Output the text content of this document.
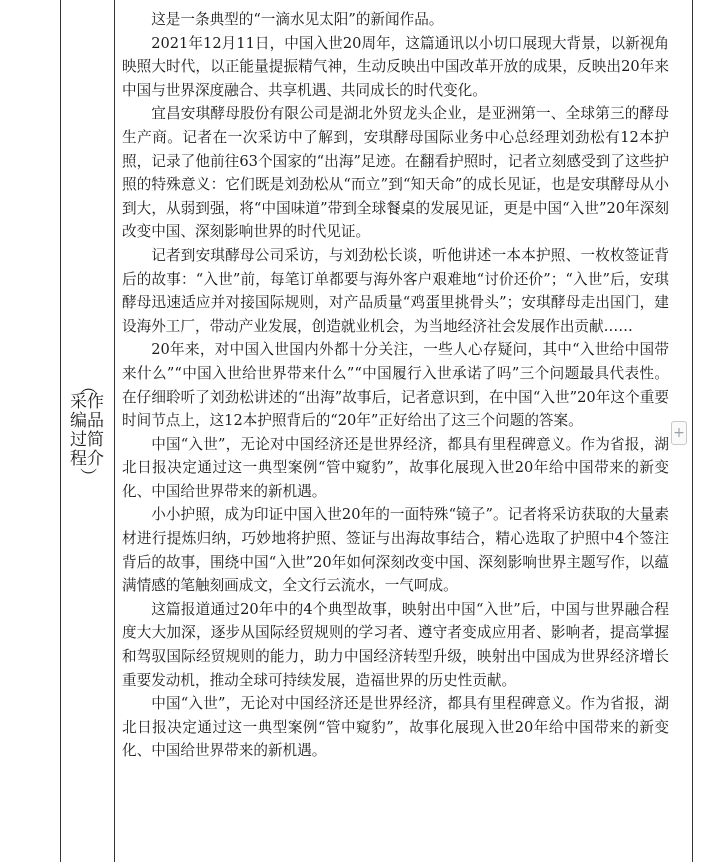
（
采作
编品
过简
程介
）

这是一条典型的“一滴水见太阳”的新闻作品。

2021年12月11日，中国入世20周年，这篇通讯以小切口展现大背景，以新视角映照大时代，以正能量提振精气神，生动反映出中国改革开放的成果，反映出20年来中国与世界深度融合、共享机遇、共同成长的时代变化。

宜昌安琪酵母股份有限公司是湖北外贸龙头企业，是亚洲第一、全球第三的酵母生产商。记者在一次采访中了解到，安琪酵母国际业务中心总经理刘劲松有12本护照，记录了他前往63个国家的“出海”足迹。在翻看护照时，记者立刻感受到了这些护照的特殊意义：它们既是刘劲松从“而立”到“知天命”的成长见证，也是安琪酵母从小到大，从弱到强，将“中国味道”带到全球餐桌的发展见证，更是中国“入世”20年深刻改变中国、深刻影响世界的时代见证。

记者到安琪酵母公司采访，与刘劲松长谈，听他讲述一本本护照、一枚枚签证背后的故事：“入世”前，每笔订单都要与海外客户艰难地“讨价还价”；“入世”后，安琪酵母迅速适应并对接国际规则，对产品质量“鸡蛋里挑骨头”；安琪酵母走出国门，建设海外工厂，带动产业发展，创造就业机会，为当地经济社会发展作出贡献……

20年来，对中国入世国内外都十分关注，一些人心存疑问，其中“入世给中国带来什么”“中国入世给世界带来什么”“中国履行入世承诺了吗”三个问题最具代表性。在仔细聆听了刘劲松讲述的“出海”故事后，记者意识到，在中国“入世”20年这个重要时间节点上，这12本护照背后的“20年”正好给出了这三个问题的答案。

中国“入世”，无论对中国经济还是世界经济，都具有里程碑意义。作为省报，湖北日报决定通过这一典型案例“管中窥豹”，故事化展现入世20年给中国带来的新变化、中国给世界带来的新机遇。

小小护照，成为印证中国入世20年的一面特殊“镜子”。记者将采访获取的大量素材进行提炼归纳，巧妙地将护照、签证与出海故事结合，精心选取了护照中4个签注背后的故事，围绕中国“入世”20年如何深刻改变中国、深刻影响世界主题写作，以蕴满情感的笔触刻画成文，全文行云流水，一气呵成。

这篇报道通过20年中的4个典型故事，映射出中国“入世”后，中国与世界融合程度大大加深，逐步从国际经贸规则的学习者、遵守者变成应用者、影响者，提高掌握和驾驭国际经贸规则的能力，助力中国经济转型升级，映射出中国成为世界经济增长重要发动机，推动全球可持续发展，造福世界的历史性贡献。

中国“入世”，无论对中国经济还是世界经济，都具有里程碑意义。作为省报，湖北日报决定通过这一典型案例“管中窥豹”，故事化展现入世20年给中国带来的新变化、中国给世界带来的新机遇。

+
